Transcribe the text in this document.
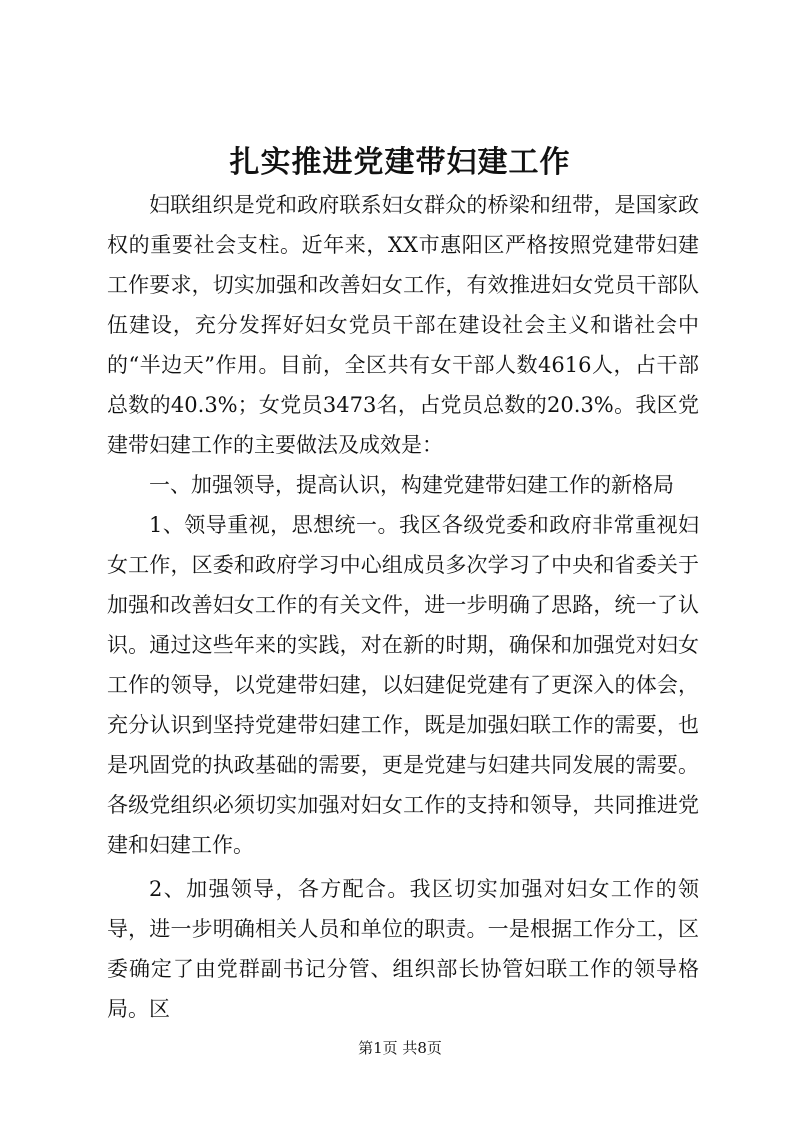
扎实推进党建带妇建工作

妇联组织是党和政府联系妇女群众的桥梁和纽带，是国家政权的重要社会支柱。近年来，XX市惠阳区严格按照党建带妇建工作要求，切实加强和改善妇女工作，有效推进妇女党员干部队伍建设，充分发挥好妇女党员干部在建设社会主义和谐社会中的“半边天”作用。目前，全区共有女干部人数4616人，占干部总数的40.3%；女党员3473名，占党员总数的20.3%。我区党建带妇建工作的主要做法及成效是：

一、加强领导，提高认识，构建党建带妇建工作的新格局

1、领导重视，思想统一。我区各级党委和政府非常重视妇女工作，区委和政府学习中心组成员多次学习了中央和省委关于加强和改善妇女工作的有关文件，进一步明确了思路，统一了认识。通过这些年来的实践，对在新的时期，确保和加强党对妇女工作的领导，以党建带妇建，以妇建促党建有了更深入的体会，充分认识到坚持党建带妇建工作，既是加强妇联工作的需要，也是巩固党的执政基础的需要，更是党建与妇建共同发展的需要。各级党组织必须切实加强对妇女工作的支持和领导，共同推进党建和妇建工作。

2、加强领导，各方配合。我区切实加强对妇女工作的领导，进一步明确相关人员和单位的职责。一是根据工作分工，区委确定了由党群副书记分管、组织部长协管妇联工作的领导格局。区

第1页 共8页
